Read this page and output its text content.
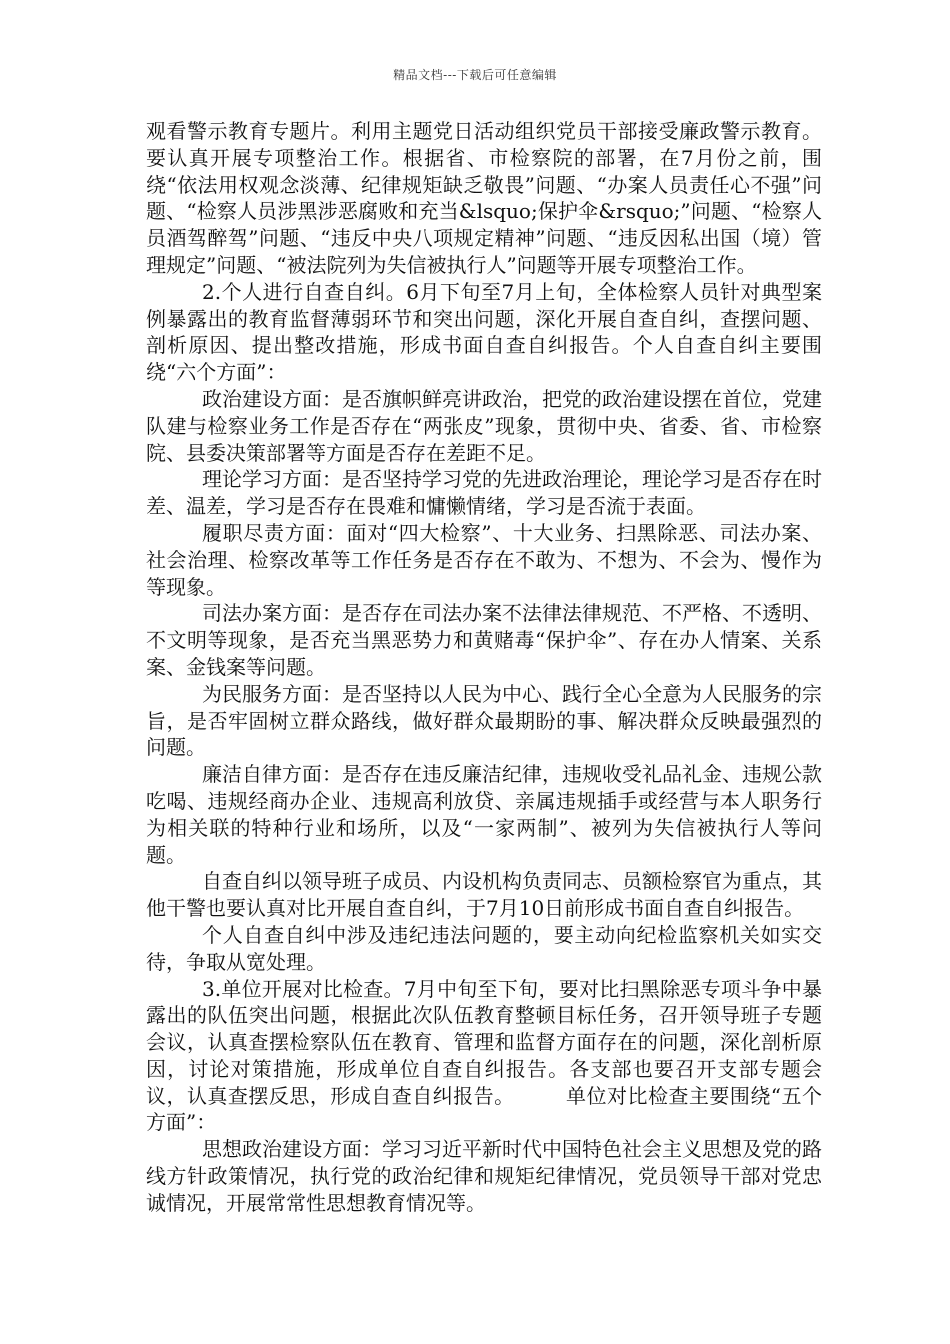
精品文档---下载后可任意编辑

观看警示教育专题片。利用主题党日活动组织党员干部接受廉政警示教育。要认真开展专项整治工作。根据省、市检察院的部署，在7月份之前，围绕“依法用权观念淡薄、纪律规矩缺乏敬畏”问题、“办案人员责任心不强”问题、“检察人员涉黑涉恶腐败和充当&lsquo;保护伞&rsquo;”问题、“检察人员酒驾醉驾”问题、“违反中央八项规定精神”问题、“违反因私出国（境）管理规定”问题、“被法院列为失信被执行人”问题等开展专项整治工作。

2.个人进行自查自纠。6月下旬至7月上旬，全体检察人员针对典型案例暴露出的教育监督薄弱环节和突出问题，深化开展自查自纠，查摆问题、剖析原因、提出整改措施，形成书面自查自纠报告。个人自查自纠主要围绕“六个方面”：

政治建设方面：是否旗帜鲜亮讲政治，把党的政治建设摆在首位，党建队建与检察业务工作是否存在“两张皮”现象，贯彻中央、省委、省、市检察院、县委决策部署等方面是否存在差距不足。

理论学习方面：是否坚持学习党的先进政治理论，理论学习是否存在时差、温差，学习是否存在畏难和慵懒情绪，学习是否流于表面。

履职尽责方面：面对“四大检察”、十大业务、扫黑除恶、司法办案、社会治理、检察改革等工作任务是否存在不敢为、不想为、不会为、慢作为等现象。

司法办案方面：是否存在司法办案不法律法律规范、不严格、不透明、不文明等现象，是否充当黑恶势力和黄赌毒“保护伞”、存在办人情案、关系案、金钱案等问题。

为民服务方面：是否坚持以人民为中心、践行全心全意为人民服务的宗旨，是否牢固树立群众路线，做好群众最期盼的事、解决群众反映最强烈的问题。

廉洁自律方面：是否存在违反廉洁纪律，违规收受礼品礼金、违规公款吃喝、违规经商办企业、违规高利放贷、亲属违规插手或经营与本人职务行为相关联的特种行业和场所，以及“一家两制”、被列为失信被执行人等问题。

自查自纠以领导班子成员、内设机构负责同志、员额检察官为重点，其他干警也要认真对比开展自查自纠，于7月10日前形成书面自查自纠报告。

个人自查自纠中涉及违纪违法问题的，要主动向纪检监察机关如实交待，争取从宽处理。

3.单位开展对比检查。7月中旬至下旬，要对比扫黑除恶专项斗争中暴露出的队伍突出问题，根据此次队伍教育整顿目标任务，召开领导班子专题会议，认真查摆检察队伍在教育、管理和监督方面存在的问题，深化剖析原因，讨论对策措施，形成单位自查自纠报告。各支部也要召开支部专题会议，认真查摆反思，形成自查自纠报告。　　　单位对比检查主要围绕“五个方面”：

思想政治建设方面：学习习近平新时代中国特色社会主义思想及党的路线方针政策情况，执行党的政治纪律和规矩纪律情况，党员领导干部对党忠诚情况，开展常常性思想教育情况等。
